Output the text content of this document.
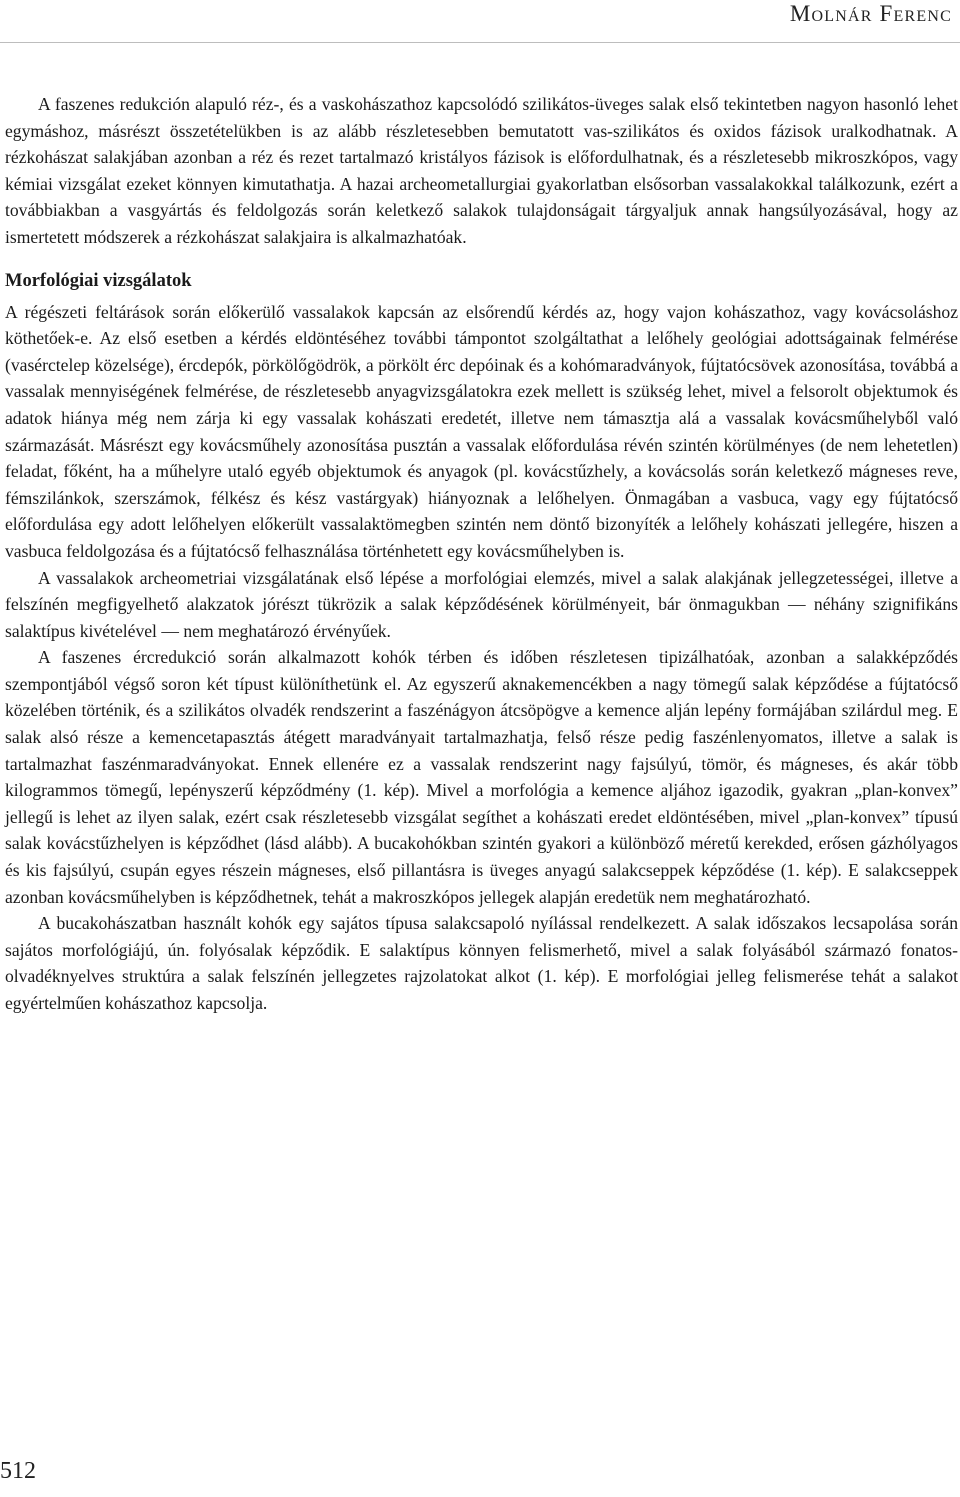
Molnár Ferenc

A faszenes redukción alapuló réz-, és a vaskohászathoz kapcsolódó szilikátos-üveges salak első tekintetben nagyon hasonló lehet egymáshoz, másrészt összetételükben is az alább részletesebben bemutatott vas-szilikátos és oxidos fázisok uralkodhatnak. A rézkohászat salakjában azonban a réz és rezet tartalmazó kristályos fázisok is előfordulhatnak, és a részletesebb mikroszkópos, vagy kémiai vizsgálat ezeket könnyen kimutathatja. A hazai archeometallurgiai gyakorlatban elsősorban vassalakokkal találkozunk, ezért a továbbiakban a vasgyártás és feldolgozás során keletkező salakok tulajdonságait tárgyaljuk annak hangsúlyozásával, hogy az ismertetett módszerek a rézkohászat salakjaira is alkalmazhatóak.

Morfológiai vizsgálatok

A régészeti feltárások során előkerülő vassalakok kapcsán az elsőrendű kérdés az, hogy vajon kohászathoz, vagy kovácsoláshoz köthetőek-e. Az első esetben a kérdés eldöntéséhez további támpontot szolgáltathat a lelőhely geológiai adottságainak felmérése (vasérctelep közelsége), ércdepók, pörkölőgödrök, a pörkölt érc depóinak és a kohómaradványok, fújtatócsövek azonosítása, továbbá a vassalak mennyiségének felmérése, de részletesebb anyagvizsgálatokra ezek mellett is szükség lehet, mivel a felsorolt objektumok és adatok hiánya még nem zárja ki egy vassalak kohászati eredetét, illetve nem támasztja alá a vassalak kovácsműhelyből való származását. Másrészt egy kovácsműhely azonosítása pusztán a vassalak előfordulása révén szintén körülményes (de nem lehetetlen) feladat, főként, ha a műhelyre utaló egyéb objektumok és anyagok (pl. kovácstűzhely, a kovácsolás során keletkező mágneses reve, fémszilánkok, szerszámok, félkész és kész vastárgyak) hiányoznak a lelőhelyen. Önmagában a vasbuca, vagy egy fújtatócső előfordulása egy adott lelőhelyen előkerült vassalaktömegben szintén nem döntő bizonyíték a lelőhely kohászati jellegére, hiszen a vasbuca feldolgozása és a fújtatócső felhasználása történhetett egy kovácsműhelyben is.

A vassalakok archeometriai vizsgálatának első lépése a morfológiai elemzés, mivel a salak alakjának jellegzetességei, illetve a felszínén megfigyelhető alakzatok jórészt tükrözik a salak képződésének körülményeit, bár önmagukban — néhány szignifikáns salaktípus kivételével — nem meghatározó érvényűek.

A faszenes ércredukció során alkalmazott kohók térben és időben részletesen tipizálhatóak, azonban a salakképződés szempontjából végső soron két típust különíthetünk el. Az egyszerű aknakemencékben a nagy tömegű salak képződése a fújtatócső közelében történik, és a szilikátos olvadék rendszerint a faszénágyon átcsöpögve a kemence alján lepény formájában szilárdul meg. E salak alsó része a kemencetapasztás átégett maradványait tartalmazhatja, felső része pedig faszénlenyomatos, illetve a salak is tartalmazhat faszénmaradványokat. Ennek ellenére ez a vassalak rendszerint nagy fajsúlyú, tömör, és mágneses, és akár több kilogrammos tömegű, lepényszerű képződmény (1. kép). Mivel a morfológia a kemence aljához igazodik, gyakran „plan-konvex” jellegű is lehet az ilyen salak, ezért csak részletesebb vizsgálat segíthet a kohászati eredet eldöntésében, mivel „plan-konvex” típusú salak kovácstűzhelyen is képződhet (lásd alább). A bucakohókban szintén gyakori a különböző méretű kerekded, erősen gázhólyagos és kis fajsúlyú, csupán egyes részein mágneses, első pillantásra is üveges anyagú salakcseppek képződése (1. kép). E salakcseppek azonban kovácsműhelyben is képződhetnek, tehát a makroszkópos jellegek alapján eredetük nem meghatározható.

A bucakohászatban használt kohók egy sajátos típusa salakcsapoló nyílással rendelkezett. A salak időszakos lecsapolása során sajátos morfológiájú, ún. folyósalak képződik. E salaktípus könnyen felismerhető, mivel a salak folyásából származó fonatos-olvadéknyelves struktúra a salak felszínén jellegzetes rajzolatokat alkot (1. kép). E morfológiai jelleg felismerése tehát a salakot egyértelműen kohászathoz kapcsolja.

512
